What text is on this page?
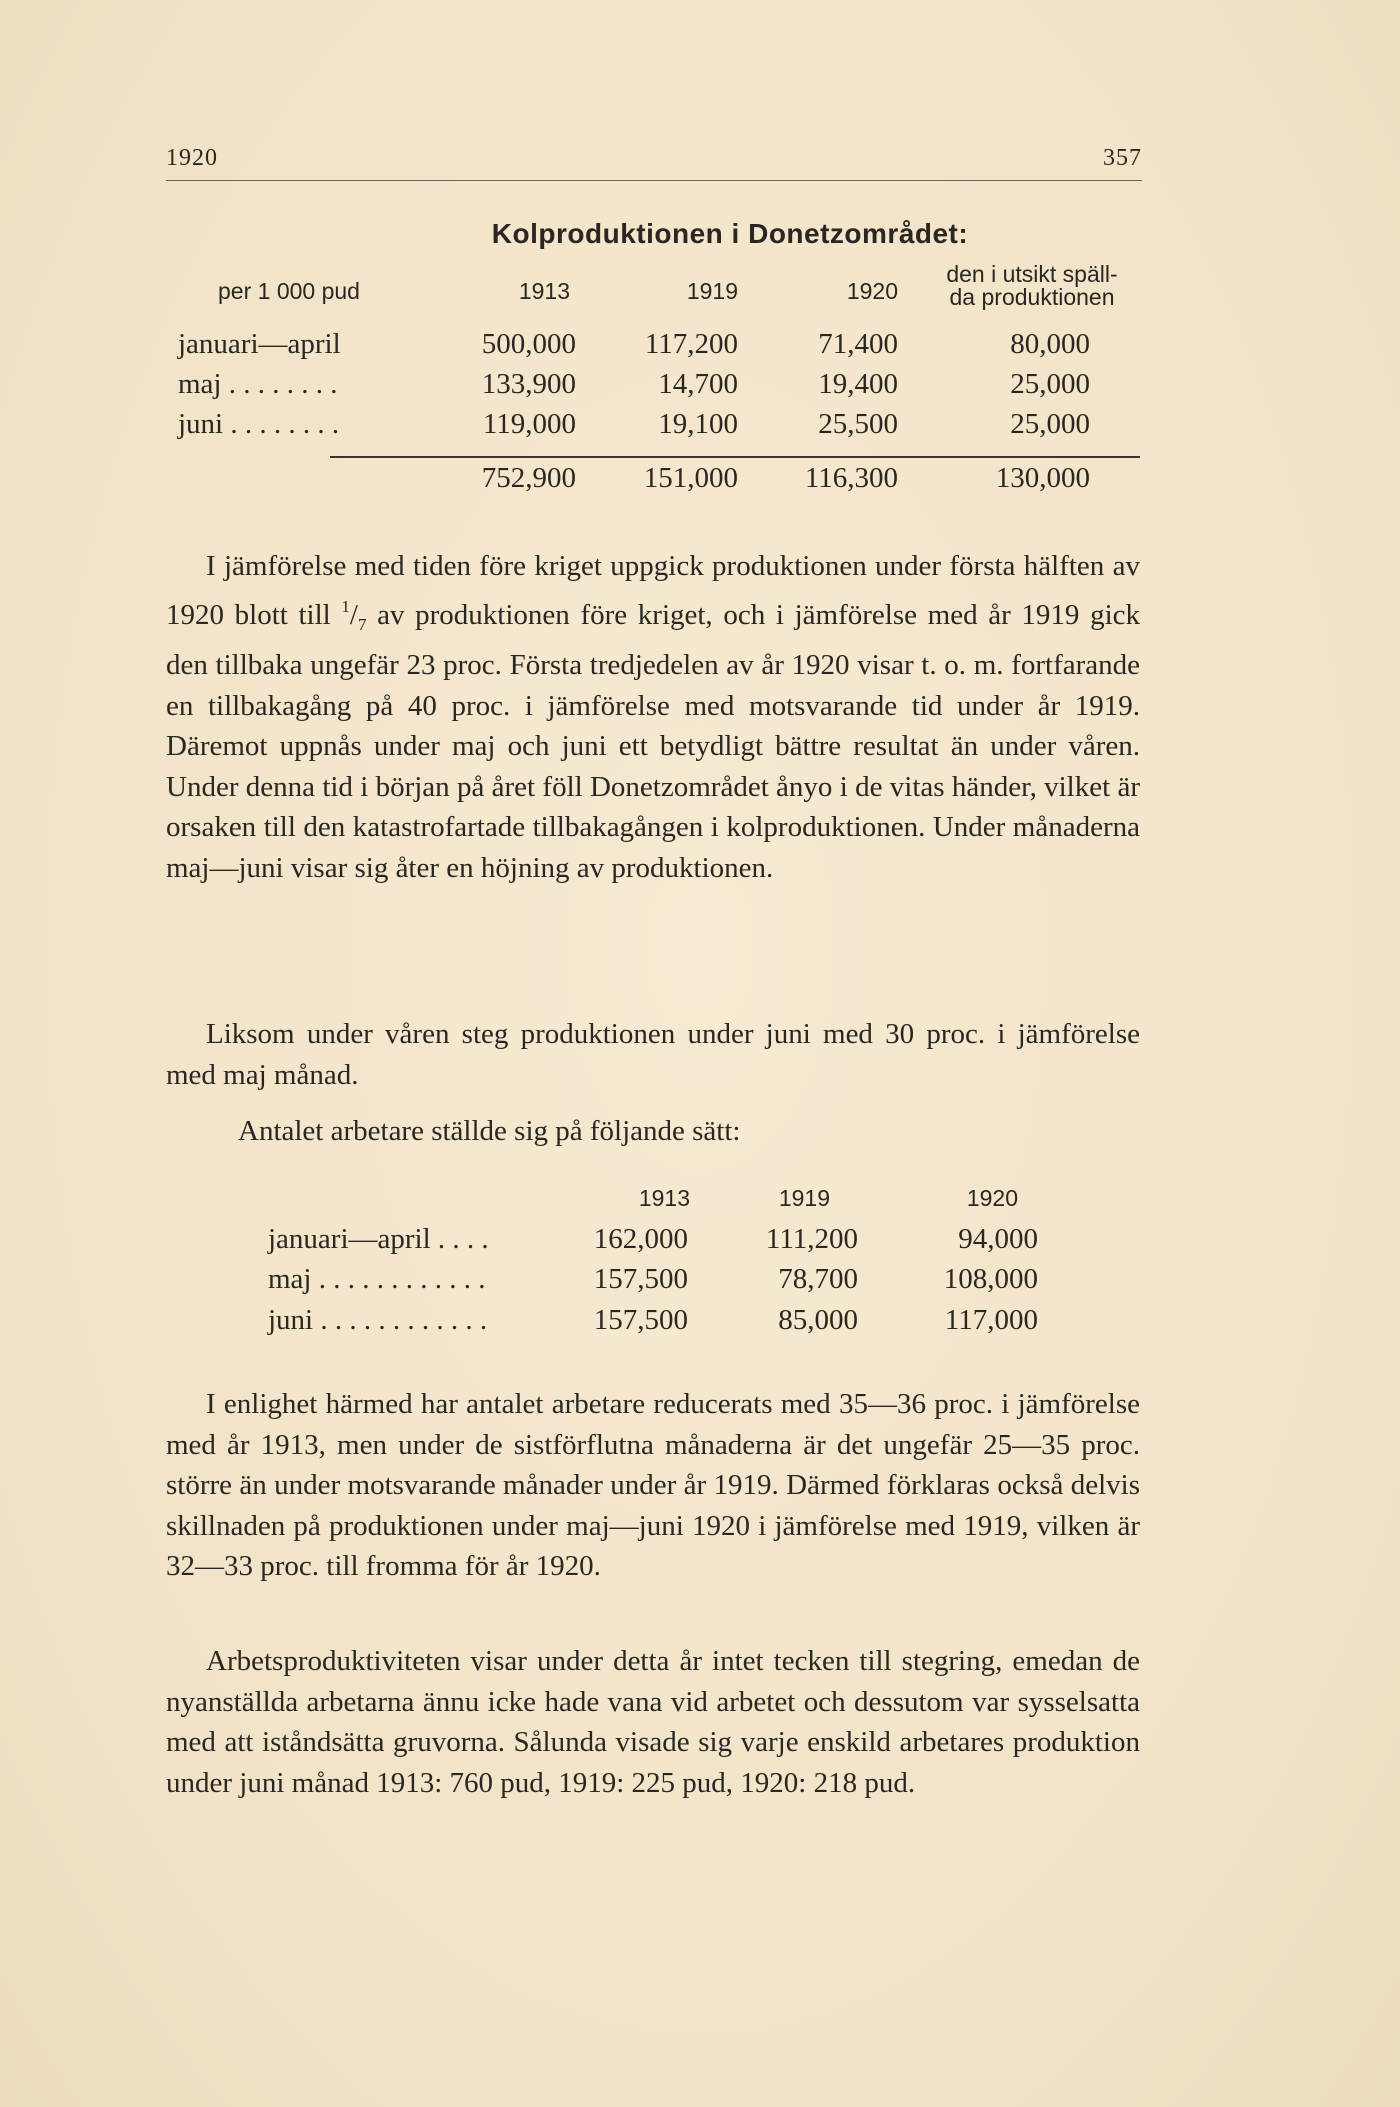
1920	357
Kolproduktionen i Donetzområdet:
per 1 000 pud	1913	1919	1920
den i utsikt späll-
da produktionen
januari—april	500,000	117,200	71,400	80,000
maj . . . . . . . .	133,900	14,700	19,400	25,000
juni . . . . . . . .	119,000	19,100	25,500	25,000
752,900	151,000	116,300	130,000

I jämförelse med tiden före kriget uppgick produktionen under första hälften av 1920 blott till $^1/_7$ av produktionen före kriget, och i jämförelse med år 1919 gick den tillbaka ungefär 23 proc. Första tredjedelen av år 1920 visar t. o. m. fortfarande en tillbakagång på 40 proc. i jämförelse med motsvarande tid under år 1919. Däremot uppnås under maj och juni ett betydligt bättre resultat än under våren. Under denna tid i början på året föll Donetzområdet ånyo i de vitas händer, vilket är orsaken till den katastrofartade tillbakagången i kolproduktionen. Under månaderna maj—juni visar sig åter en höjning av produktionen.

Liksom under våren steg produktionen under juni med 30 proc. i jämförelse med maj månad.

Antalet arbetare ställde sig på följande sätt:

1913	1919	1920
januari—april . . . .	162,000	111,200	94,000
maj . . . . . . . . . . . .	157,500	78,700	108,000
juni . . . . . . . . . . . .	157,500	85,000	117,000

I enlighet härmed har antalet arbetare reducerats med 35—36 proc. i jämförelse med år 1913, men under de sistförflutna månaderna är det ungefär 25—35 proc. större än under motsvarande månader under år 1919. Därmed förklaras också delvis skillnaden på produktionen under maj—juni 1920 i jämförelse med 1919, vilken är 32—33 proc. till fromma för år 1920.

Arbetsproduktiviteten visar under detta år intet tecken till stegring, emedan de nyanställda arbetarna ännu icke hade vana vid arbetet och dessutom var sysselsatta med att iståndsätta gruvorna. Sålunda visade sig varje enskild arbetares produktion under juni månad 1913: 760 pud, 1919: 225 pud, 1920: 218 pud.
